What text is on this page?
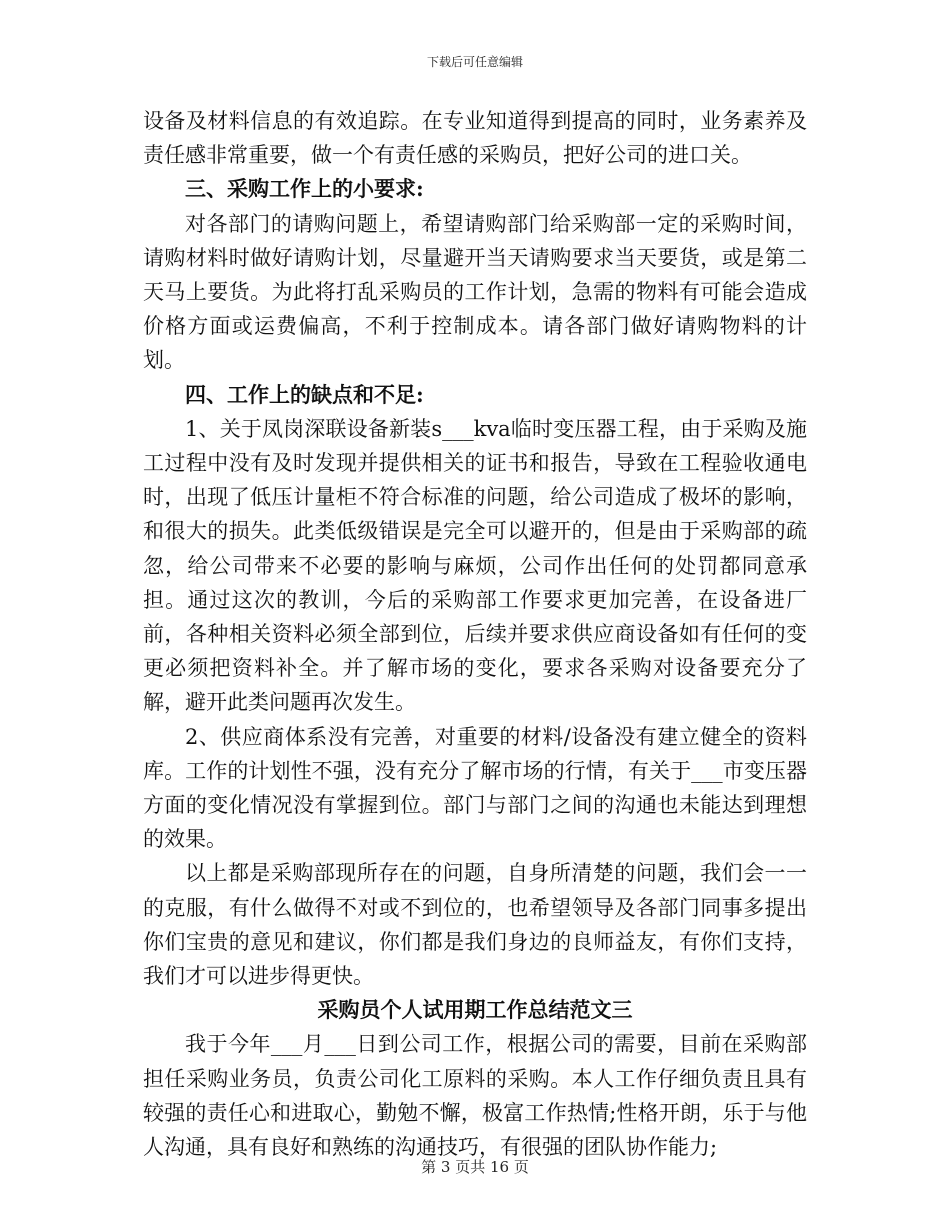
下载后可任意编辑

设备及材料信息的有效追踪。在专业知道得到提高的同时，业务素养及责任感非常重要，做一个有责任感的采购员，把好公司的进口关。

三、采购工作上的小要求:

对各部门的请购问题上，希望请购部门给采购部一定的采购时间，请购材料时做好请购计划，尽量避开当天请购要求当天要货，或是第二天马上要货。为此将打乱采购员的工作计划，急需的物料有可能会造成价格方面或运费偏高，不利于控制成本。请各部门做好请购物料的计划。

四、工作上的缺点和不足:

1、关于凤岗深联设备新装s___kva临时变压器工程，由于采购及施工过程中没有及时发现并提供相关的证书和报告，导致在工程验收通电时，出现了低压计量柜不符合标准的问题，给公司造成了极坏的影响，和很大的损失。此类低级错误是完全可以避开的，但是由于采购部的疏忽，给公司带来不必要的影响与麻烦，公司作出任何的处罚都同意承担。通过这次的教训，今后的采购部工作要求更加完善，在设备进厂前，各种相关资料必须全部到位，后续并要求供应商设备如有任何的变更必须把资料补全。并了解市场的变化，要求各采购对设备要充分了解，避开此类问题再次发生。

2、供应商体系没有完善，对重要的材料/设备没有建立健全的资料库。工作的计划性不强，没有充分了解市场的行情，有关于___市变压器方面的变化情况没有掌握到位。部门与部门之间的沟通也未能达到理想的效果。

以上都是采购部现所存在的问题，自身所清楚的问题，我们会一一的克服，有什么做得不对或不到位的，也希望领导及各部门同事多提出你们宝贵的意见和建议，你们都是我们身边的良师益友，有你们支持，我们才可以进步得更快。

采购员个人试用期工作总结范文三

我于今年___月___日到公司工作，根据公司的需要，目前在采购部担任采购业务员，负责公司化工原料的采购。本人工作仔细负责且具有较强的责任心和进取心，勤勉不懈，极富工作热情;性格开朗，乐于与他人沟通，具有良好和熟练的沟通技巧，有很强的团队协作能力;

第 3 页共 16 页
